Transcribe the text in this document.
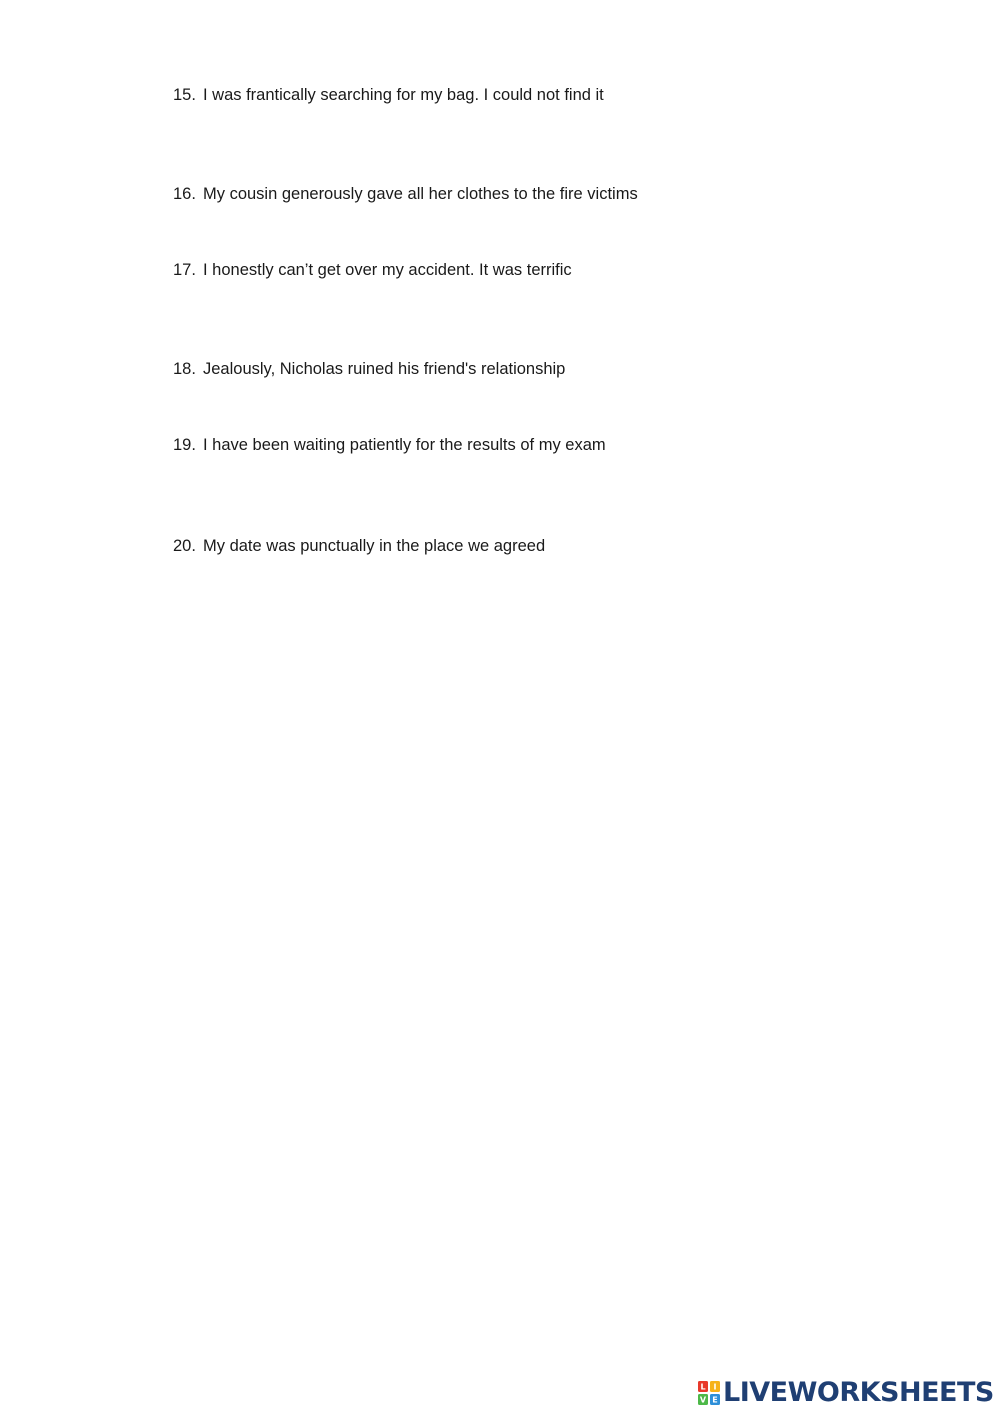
15. I was frantically searching for my bag. I could not find it
16. My cousin generously gave all her clothes to the fire victims
17. I honestly can’t get over my accident. It was terrific
18. Jealously, Nicholas ruined his friend's relationship
19. I have been waiting patiently for the results of my exam
20. My date was punctually in the place we agreed
L I
V E LIVEWORKSHEETS
